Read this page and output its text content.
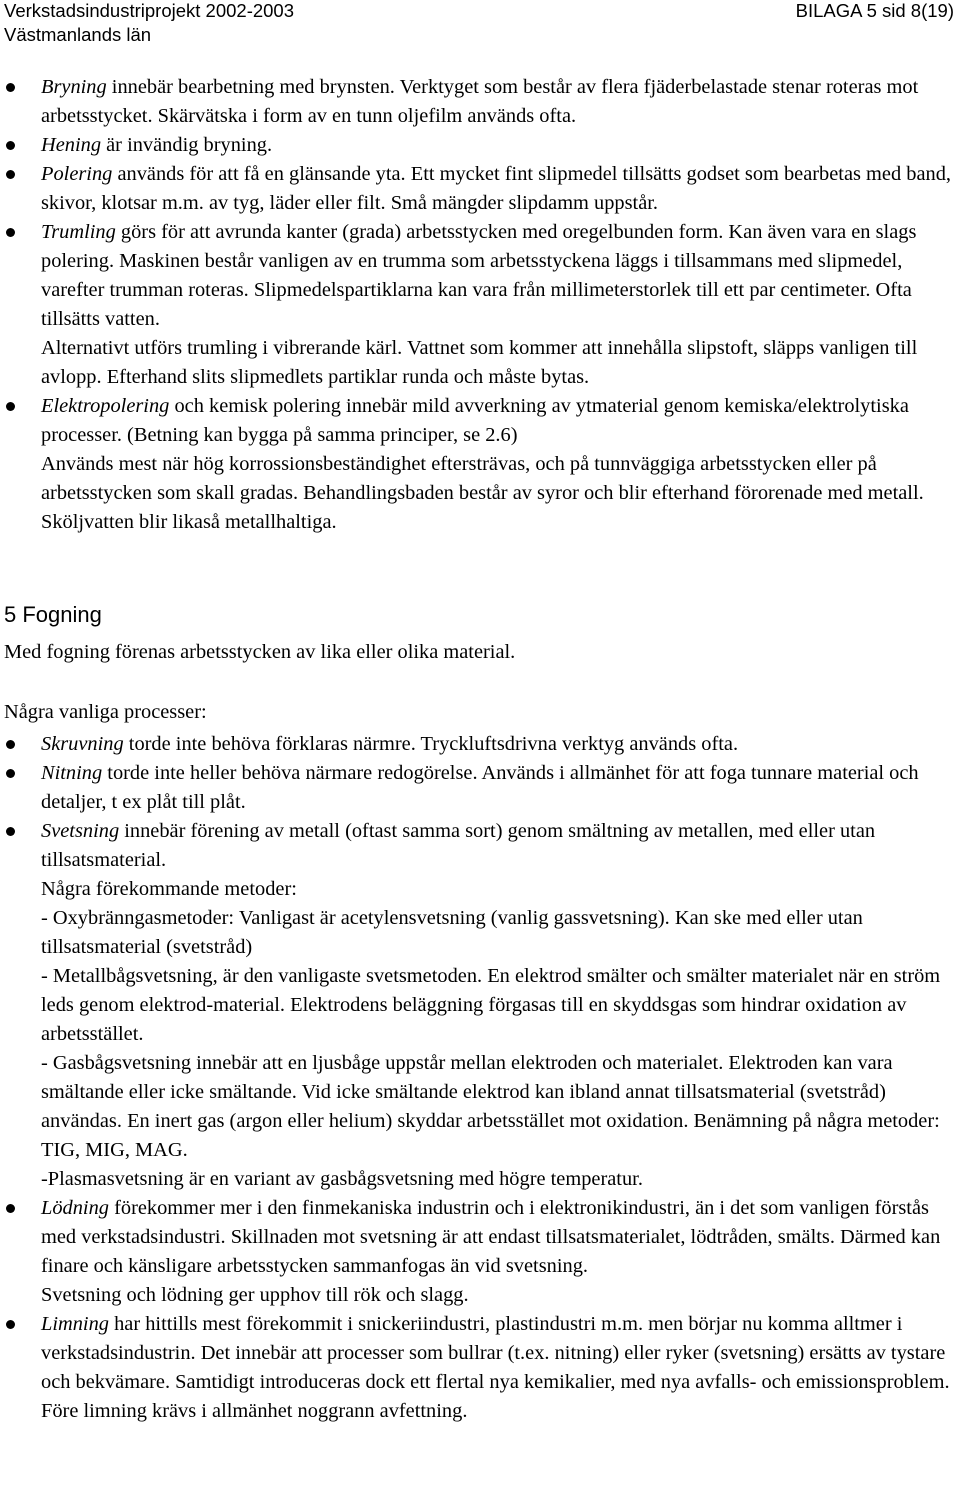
Verkstadsindustriprojekt 2002-2003
Västmanlands län
BILAGA 5 sid 8(19)
Bryning innebär bearbetning med brynsten. Verktyget som består av flera fjäderbelastade stenar roteras mot arbetsstycket. Skärvätska i form av en tunn oljefilm används ofta.
Hening är invändig bryning.
Polering används för att få en glänsande yta. Ett mycket fint slipmedel tillsätts godset som bearbetas med band, skivor, klotsar m.m. av tyg, läder eller filt. Små mängder slipdamm uppstår.
Trumling görs för att avrunda kanter (grada) arbetsstycken med oregelbunden form. Kan även vara en slags polering. Maskinen består vanligen av en trumma som arbetsstyckena läggs i tillsammans med slipmedel, varefter trumman roteras. Slipmedelspartiklarna kan vara från millimeterstorlek till ett par centimeter. Ofta tillsätts vatten.
Alternativt utförs trumling i vibrerande kärl. Vattnet som kommer att innehålla slipstoft, släpps vanligen till avlopp. Efterhand slits slipmedlets partiklar runda och måste bytas.
Elektropolering och kemisk polering innebär mild avverkning av ytmaterial genom kemiska/elektrolytiska processer. (Betning kan bygga på samma principer, se 2.6)
Används mest när hög korrossionsbeständighet eftersträvas, och på tunnväggiga arbetsstycken eller på arbetsstycken som skall gradas. Behandlingsbaden består av syror och blir efterhand förorenade med metall. Sköljvatten blir likaså metallhaltiga.
5 Fogning
Med fogning förenas arbetsstycken av lika eller olika material.
Några vanliga processer:
Skruvning torde inte behöva förklaras närmre. Tryckluftsdrivna verktyg används ofta.
Nitning torde inte heller behöva närmare redogörelse. Används i allmänhet för att foga tunnare material och detaljer, t ex plåt till plåt.
Svetsning innebär förening av metall (oftast samma sort) genom smältning av metallen, med eller utan tillsatsmaterial.
Några förekommande metoder:
- Oxybränngasmetoder: Vanligast är acetylensvetsning (vanlig gassvetsning). Kan ske med eller utan tillsatsmaterial (svetstråd)
- Metallbågsvetsning, är den vanligaste svetsmetoden. En elektrod smälter och smälter materialet när en ström leds genom elektrod-material. Elektrodens beläggning förgasas till en skyddsgas som hindrar oxidation av arbetsstället.
- Gasbågsvetsning innebär att en ljusbåge uppstår mellan elektroden och materialet. Elektroden kan vara smältande eller icke smältande. Vid icke smältande elektrod kan ibland annat tillsatsmaterial (svetstråd) användas. En inert gas (argon eller helium) skyddar arbetsstället mot oxidation. Benämning på några metoder: TIG, MIG, MAG.
-Plasmasvetsning är en variant av gasbågsvetsning med högre temperatur.
Lödning förekommer mer i den finmekaniska industrin och i elektronikindustri, än i det som vanligen förstås med verkstadsindustri. Skillnaden mot svetsning är att endast tillsatsmaterialet, lödtråden, smälts. Därmed kan finare och känsligare arbetsstycken sammanfogas än vid svetsning.
Svetsning och lödning ger upphov till rök och slagg.
Limning har hittills mest förekommit i snickeriindustri, plastindustri m.m. men börjar nu komma alltmer i verkstadsindustrin. Det innebär att processer som bullrar (t.ex. nitning) eller ryker (svetsning) ersätts av tystare och bekvämare. Samtidigt introduceras dock ett flertal nya kemikalier, med nya avfalls- och emissionsproblem. Före limning krävs i allmänhet noggrann avfettning.
